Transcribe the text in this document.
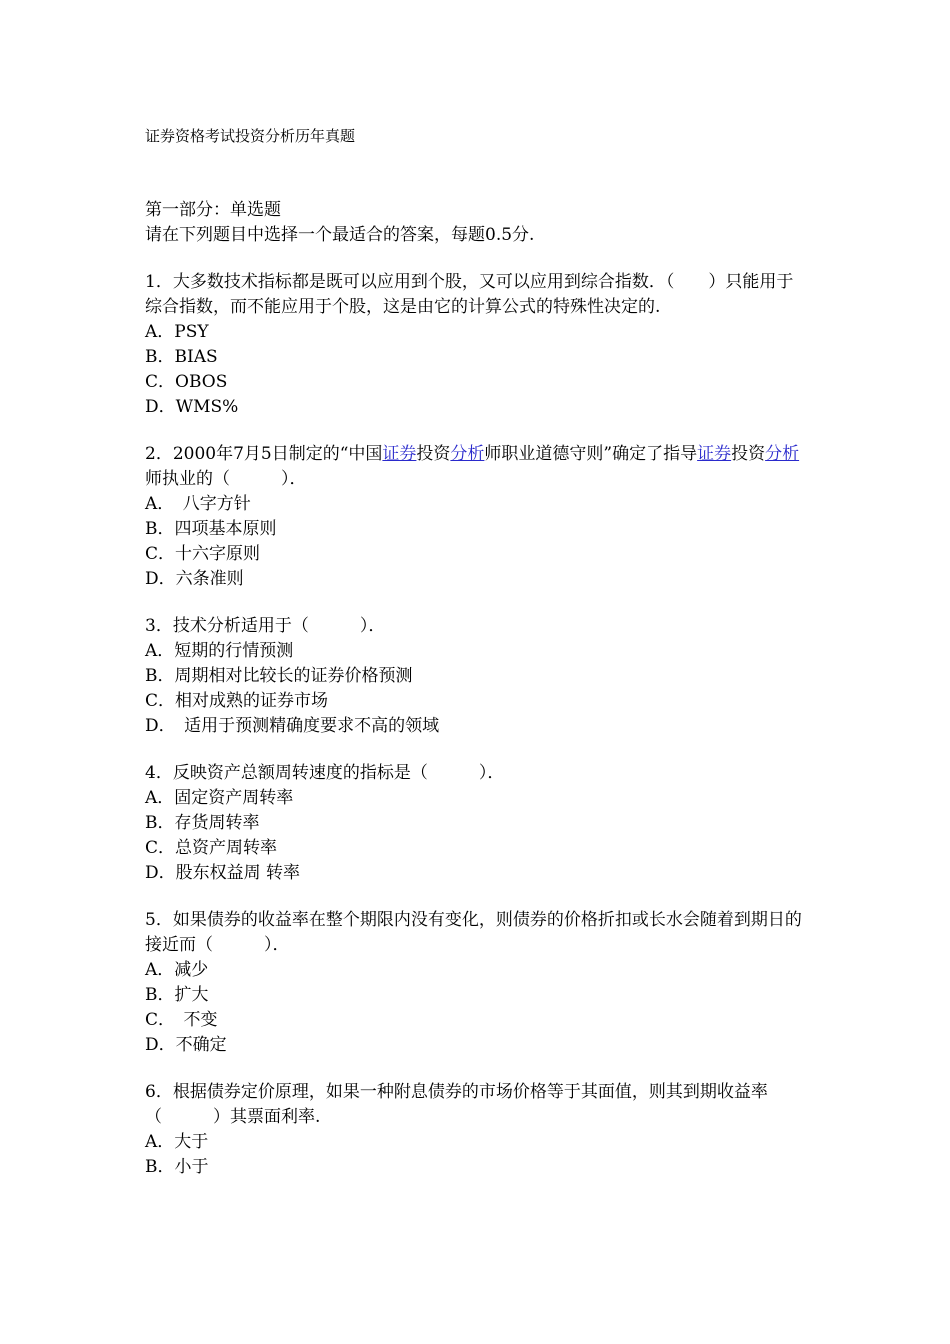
证券资格考试投资分析历年真题
第一部分：单选题
请在下列题目中选择一个最适合的答案，每题0.5分.
1．大多数技术指标都是既可以应用到个股，又可以应用到综合指数．（　　）只能用于综合指数，而不能应用于个股，这是由它的计算公式的特殊性决定的.
A．PSY
B．BIAS
C．OBOS
D．WMS%
2．2000年7月5日制定的“中国证券投资分析师职业道德守则”确定了指导证券投资分析师执业的（　　　）．
A．　八字方针
B．四项基本原则
C．十六字原则
D．六条准则
3．技术分析适用于（　　　）．
A．短期的行情预测
B．周期相对比较长的证券价格预测
C．相对成熟的证券市场
D．　适用于预测精确度要求不高的领域
4．反映资产总额周转速度的指标是（　　　）．
A．固定资产周转率
B．存货周转率
C．总资产周转率
D．股东权益周 转率
5．如果债券的收益率在整个期限内没有变化，则债券的价格折扣或长水会随着到期日的接近而（　　　）．
A．减少
B．扩大
C．　不变
D．不确定
6．根据债券定价原理，如果一种附息债券的市场价格等于其面值，则其到期收益率（　　　）其票面利率.
A．大于
B．小于
